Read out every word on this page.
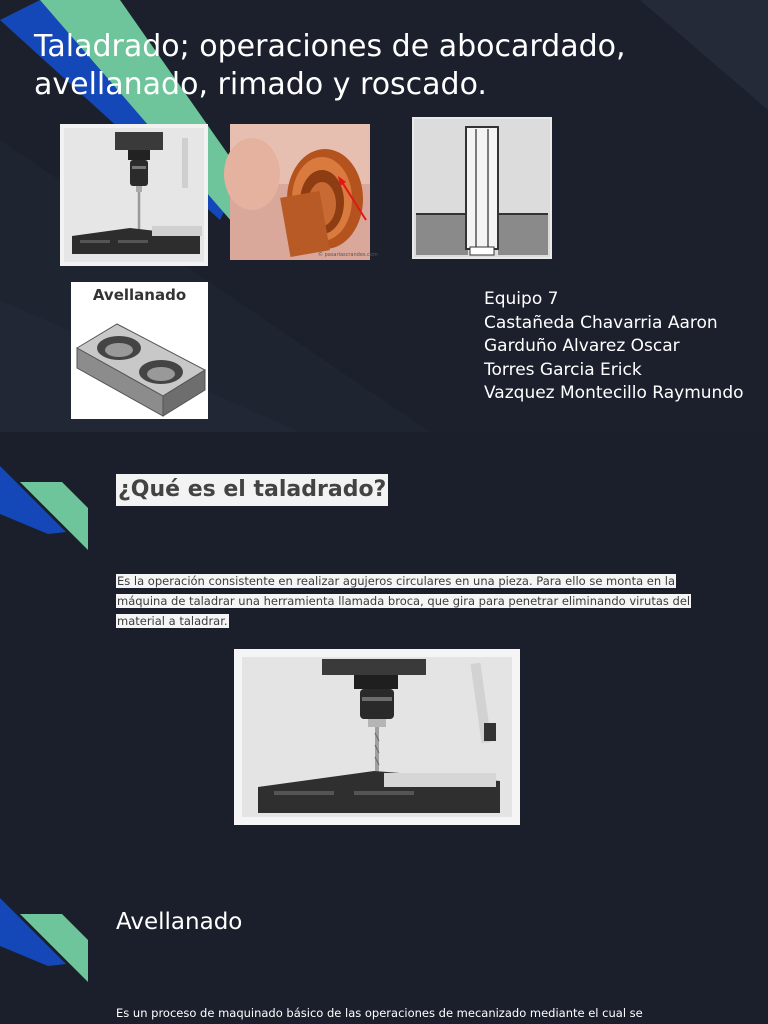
Taladrado; operaciones de abocardado, avellanado, rimado y roscado.
© pasarlascrandes.com
Avellanado	Equipo 7
Castañeda Chavarria Aaron
Garduño Alvarez Oscar
Torres Garcia Erick
Vazquez Montecillo Raymundo
¿Qué es el taladrado?
Es la operación consistente en realizar agujeros circulares en una pieza. Para ello se monta en la máquina de taladrar una herramienta llamada broca, que gira para penetrar eliminando virutas del material a taladrar.
Avellanado
Es un proceso de maquinado básico de las operaciones de mecanizado mediante el cual se
